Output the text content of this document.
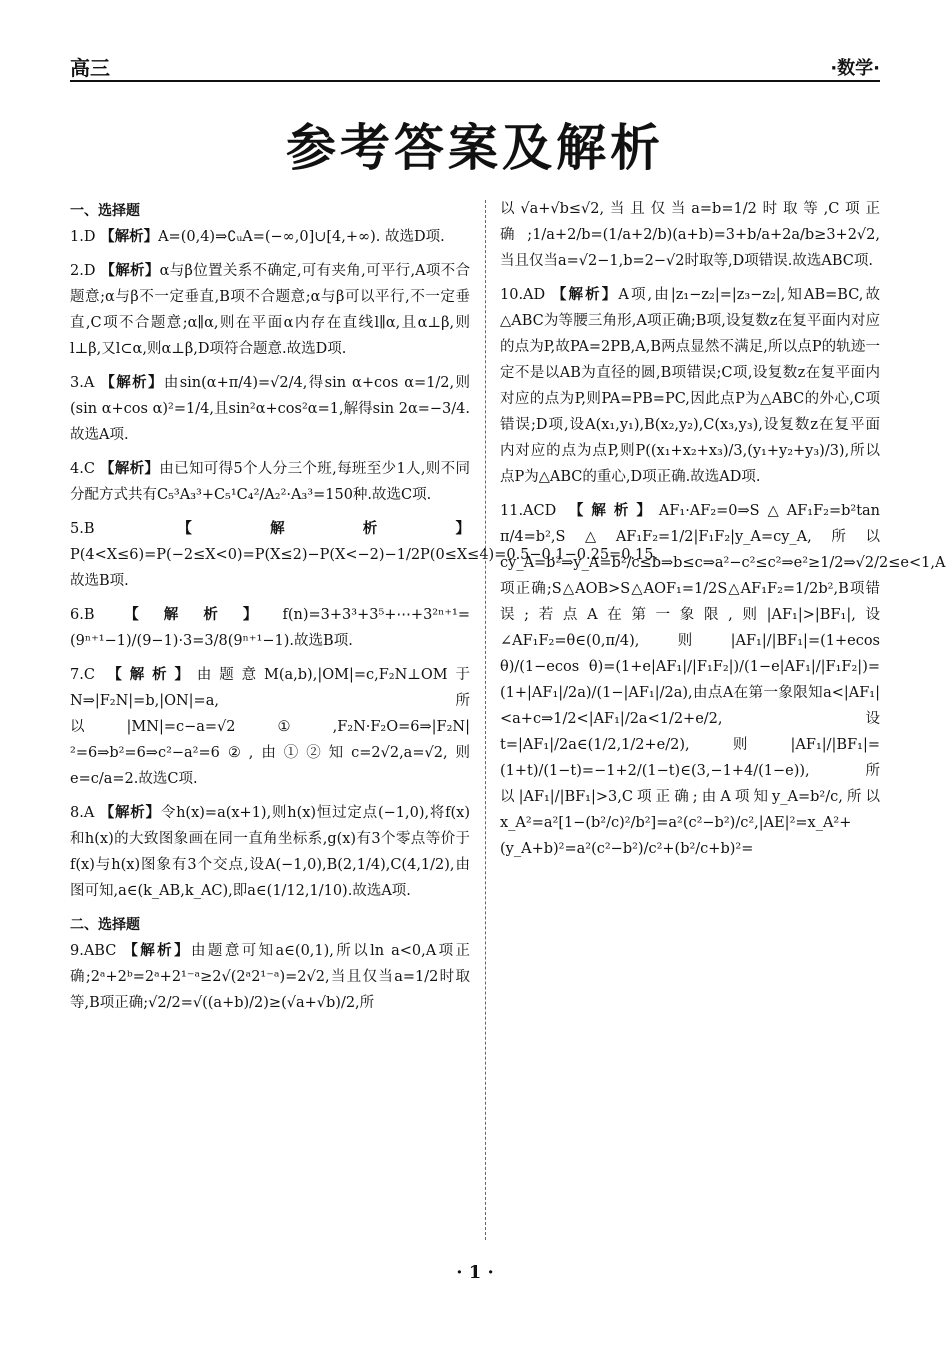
高三	·数学·
参考答案及解析
一、选择题
1.D 【解析】A=(0,4)⇒∁ᵤA=(−∞,0]∪[4,+∞). 故选D项.
2.D 【解析】α与β位置关系不确定,可有夹角,可平行,A项不合题意;α与β不一定垂直,B项不合题意;α与β可以平行,不一定垂直,C项不合题意;α∥α,则在平面α内存在直线l∥α,且α⊥β,则l⊥β,又l⊂α,则α⊥β,D项符合题意.故选D项.
3.A 【解析】由sin(α+π/4)=√2/4,得sin α+cos α=1/2,则(sin α+cos α)²=1/4,且sin²α+cos²α=1,解得sin 2α=−3/4.故选A项.
4.C 【解析】由已知可得5个人分三个班,每班至少1人,则不同分配方式共有C₅³A₃³+C₅¹C₄²/A₂²·A₃³=150种.故选C项.
5.B	【解析】P(4<X≤6)=P(−2≤X<0)=P(X≤2)−P(X<−2)−1/2P(0≤X≤4)=0.5−0.1−0.25=0.15.故选B项.
6.B 【解析】f(n)=3+3³+3⁵+⋯+3²ⁿ⁺¹=(9ⁿ⁺¹−1)/(9−1)·3=3/8(9ⁿ⁺¹−1).故选B项.
7.C 【解析】由题意M(a,b),|OM|=c,F₂N⊥OM于N⇒|F₂N|=b,|ON|=a,所以|MN|=c−a=√2①,F₂N·F₂O=6⇒|F₂N|²=6⇒b²=6⇒c²−a²=6②,由①②知c=2√2,a=√2,则e=c/a=2.故选C项.
8.A 【解析】令h(x)=a(x+1),则h(x)恒过定点(−1,0),将f(x)和h(x)的大致图象画在同一直角坐标系,g(x)有3个零点等价于f(x)与h(x)图象有3个交点,设A(−1,0),B(2,1/4),C(4,1/2),由图可知,a∈(k_AB,k_AC),即a∈(1/12,1/10).故选A项.
二、选择题
9.ABC 【解析】由题意可知a∈(0,1),所以ln a<0,A项正确;2ᵃ+2ᵇ=2ᵃ+2¹⁻ᵃ≥2√(2ᵃ2¹⁻ᵃ)=2√2,当且仅当a=1/2时取等,B项正确;√2/2=√((a+b)/2)≥(√a+√b)/2,所
以√a+√b≤√2,当且仅当a=b=1/2时取等,C项正确;1/a+2/b=(1/a+2/b)(a+b)=3+b/a+2a/b≥3+2√2,当且仅当a=√2−1,b=2−√2时取等,D项错误.故选ABC项.
10.AD 【解析】A项,由|z₁−z₂|=|z₃−z₂|,知AB=BC,故△ABC为等腰三角形,A项正确;B项,设复数z在复平面内对应的点为P,故PA=2PB,A,B两点显然不满足,所以点P的轨迹一定不是以AB为直径的圆,B项错误;C项,设复数z在复平面内对应的点为P,则PA=PB=PC,因此点P为△ABC的外心,C项错误;D项,设A(x₁,y₁),B(x₂,y₂),C(x₃,y₃),设复数z在复平面内对应的点为点P,则P((x₁+x₂+x₃)/3,(y₁+y₂+y₃)/3),所以点P为△ABC的重心,D项正确.故选AD项.
11.ACD 【解析】AF₁·AF₂=0⇒S△AF₁F₂=b²tan π/4=b²,S△AF₁F₂=1/2|F₁F₂|y_A=cy_A,所以cy_A=b²⇒y_A=b²/c≤b⇒b≤c⇒a²−c²≤c²⇒e²≥1/2⇒√2/2≤e<1,A项正确;S△AOB>S△AOF₁=1/2S△AF₁F₂=1/2b²,B项错误;若点A在第一象限,则|AF₁|>|BF₁|,设∠AF₁F₂=θ∈(0,π/4),则|AF₁|/|BF₁|=(1+ecos θ)/(1−ecos θ)=(1+e|AF₁|/|F₁F₂|)/(1−e|AF₁|/|F₁F₂|)=(1+|AF₁|/2a)/(1−|AF₁|/2a),由点A在第一象限知a<|AF₁|<a+c⇒1/2<|AF₁|/2a<1/2+e/2,设t=|AF₁|/2a∈(1/2,1/2+e/2),则|AF₁|/|BF₁|=(1+t)/(1−t)=−1+2/(1−t)∈(3,−1+4/(1−e)),所以|AF₁|/|BF₁|>3,C项正确;由A项知y_A=b²/c,所以x_A²=a²[1−(b²/c)²/b²]=a²(c²−b²)/c²,|AE|²=x_A²+(y_A+b)²=a²(c²−b²)/c²+(b²/c+b)²=
· 1 ·
